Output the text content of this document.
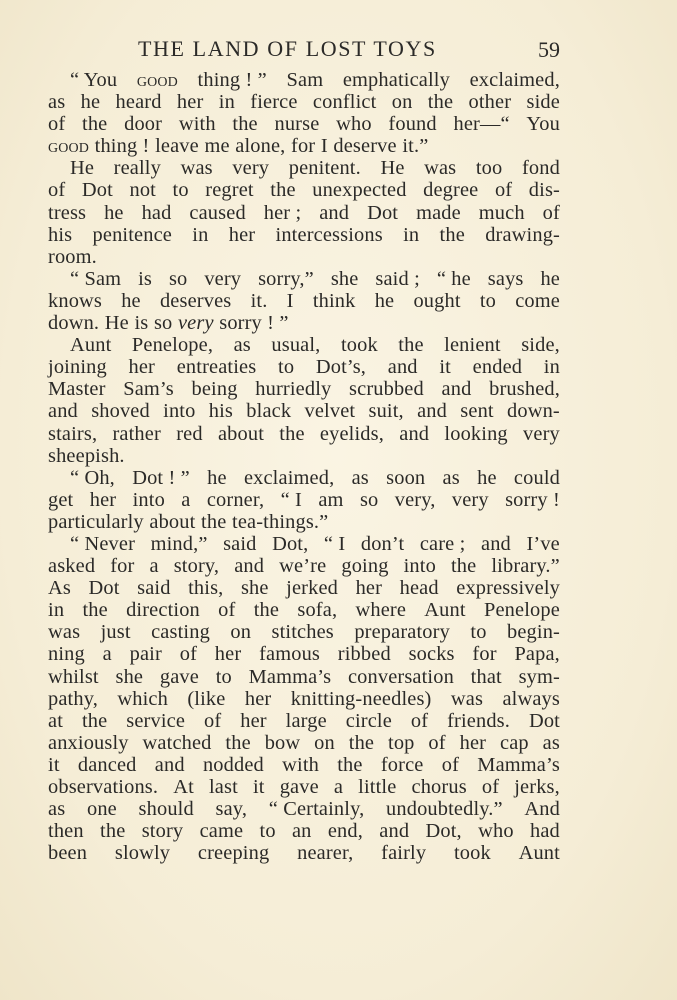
THE LAND OF LOST TOYS	59
“ You good thing ! ” Sam emphatically exclaimed,
as he heard her in fierce conflict on the other side
of the door with the nurse who found her—“ You
good thing ! leave me alone, for I deserve it.”
He really was very penitent. He was too fond
of Dot not to regret the unexpected degree of dis-
tress he had caused her ; and Dot made much of
his penitence in her intercessions in the drawing-
room.
“ Sam is so very sorry,” she said ; “ he says he
knows he deserves it. I think he ought to come
down. He is so very sorry ! ”
Aunt Penelope, as usual, took the lenient side,
joining her entreaties to Dot’s, and it ended in
Master Sam’s being hurriedly scrubbed and brushed,
and shoved into his black velvet suit, and sent down-
stairs, rather red about the eyelids, and looking very
sheepish.
“ Oh, Dot ! ” he exclaimed, as soon as he could
get her into a corner, “ I am so very, very sorry !
particularly about the tea-things.”
“ Never mind,” said Dot, “ I don’t care ; and I’ve
asked for a story, and we’re going into the library.”
As Dot said this, she jerked her head expressively
in the direction of the sofa, where Aunt Penelope
was just casting on stitches preparatory to begin-
ning a pair of her famous ribbed socks for Papa,
whilst she gave to Mamma’s conversation that sym-
pathy, which (like her knitting-needles) was always
at the service of her large circle of friends. Dot
anxiously watched the bow on the top of her cap as
it danced and nodded with the force of Mamma’s
observations. At last it gave a little chorus of jerks,
as one should say, “ Certainly, undoubtedly.” And
then the story came to an end, and Dot, who had
been slowly creeping nearer, fairly took Aunt
